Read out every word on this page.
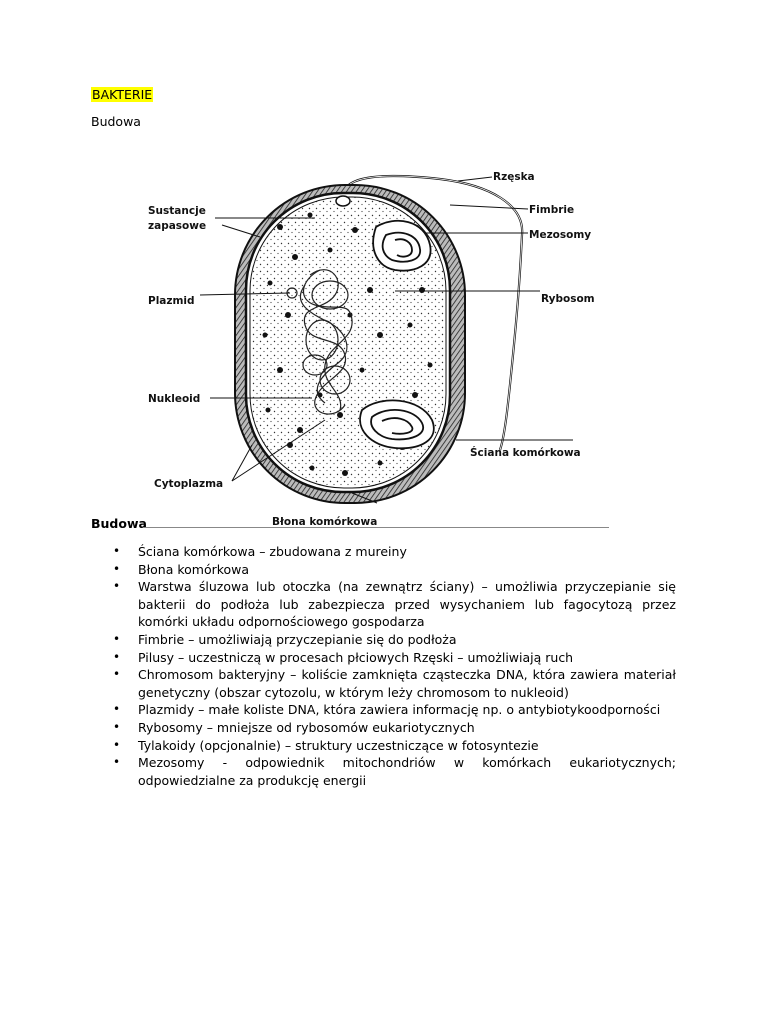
BAKTERIE
Budowa
Rzęska
Fimbrie
Mezosomy
Rybosom
Ściana komórkowa
Błona komórkowa
Cytoplazma
Nukleoid
Plazmid
Sustancje
zapasowe
Budowa
• Ściana komórkowa – zbudowana z mureiny
• Błona komórkowa
• Warstwa śluzowa lub otoczka (na zewnątrz ściany) – umożliwia przyczepianie się bakterii do podłoża lub zabezpiecza przed wysychaniem lub fagocytozą przez komórki układu odpornościowego gospodarza
• Fimbrie – umożliwiają przyczepianie się do podłoża
• Pilusy – uczestniczą w procesach płciowych Rzęski – umożliwiają ruch
• Chromosom bakteryjny – koliście zamknięta cząsteczka DNA, która zawiera materiał genetyczny (obszar cytozolu, w którym leży chromosom to nukleoid)
• Plazmidy – małe koliste DNA, która zawiera informację np. o antybiotykoodporności
• Rybosomy – mniejsze od rybosomów eukariotycznych
• Tylakoidy (opcjonalnie) – struktury uczestniczące w fotosyntezie
• Mezosomy - odpowiednik mitochondriów w komórkach eukariotycznych; odpowiedzialne za produkcję energii
